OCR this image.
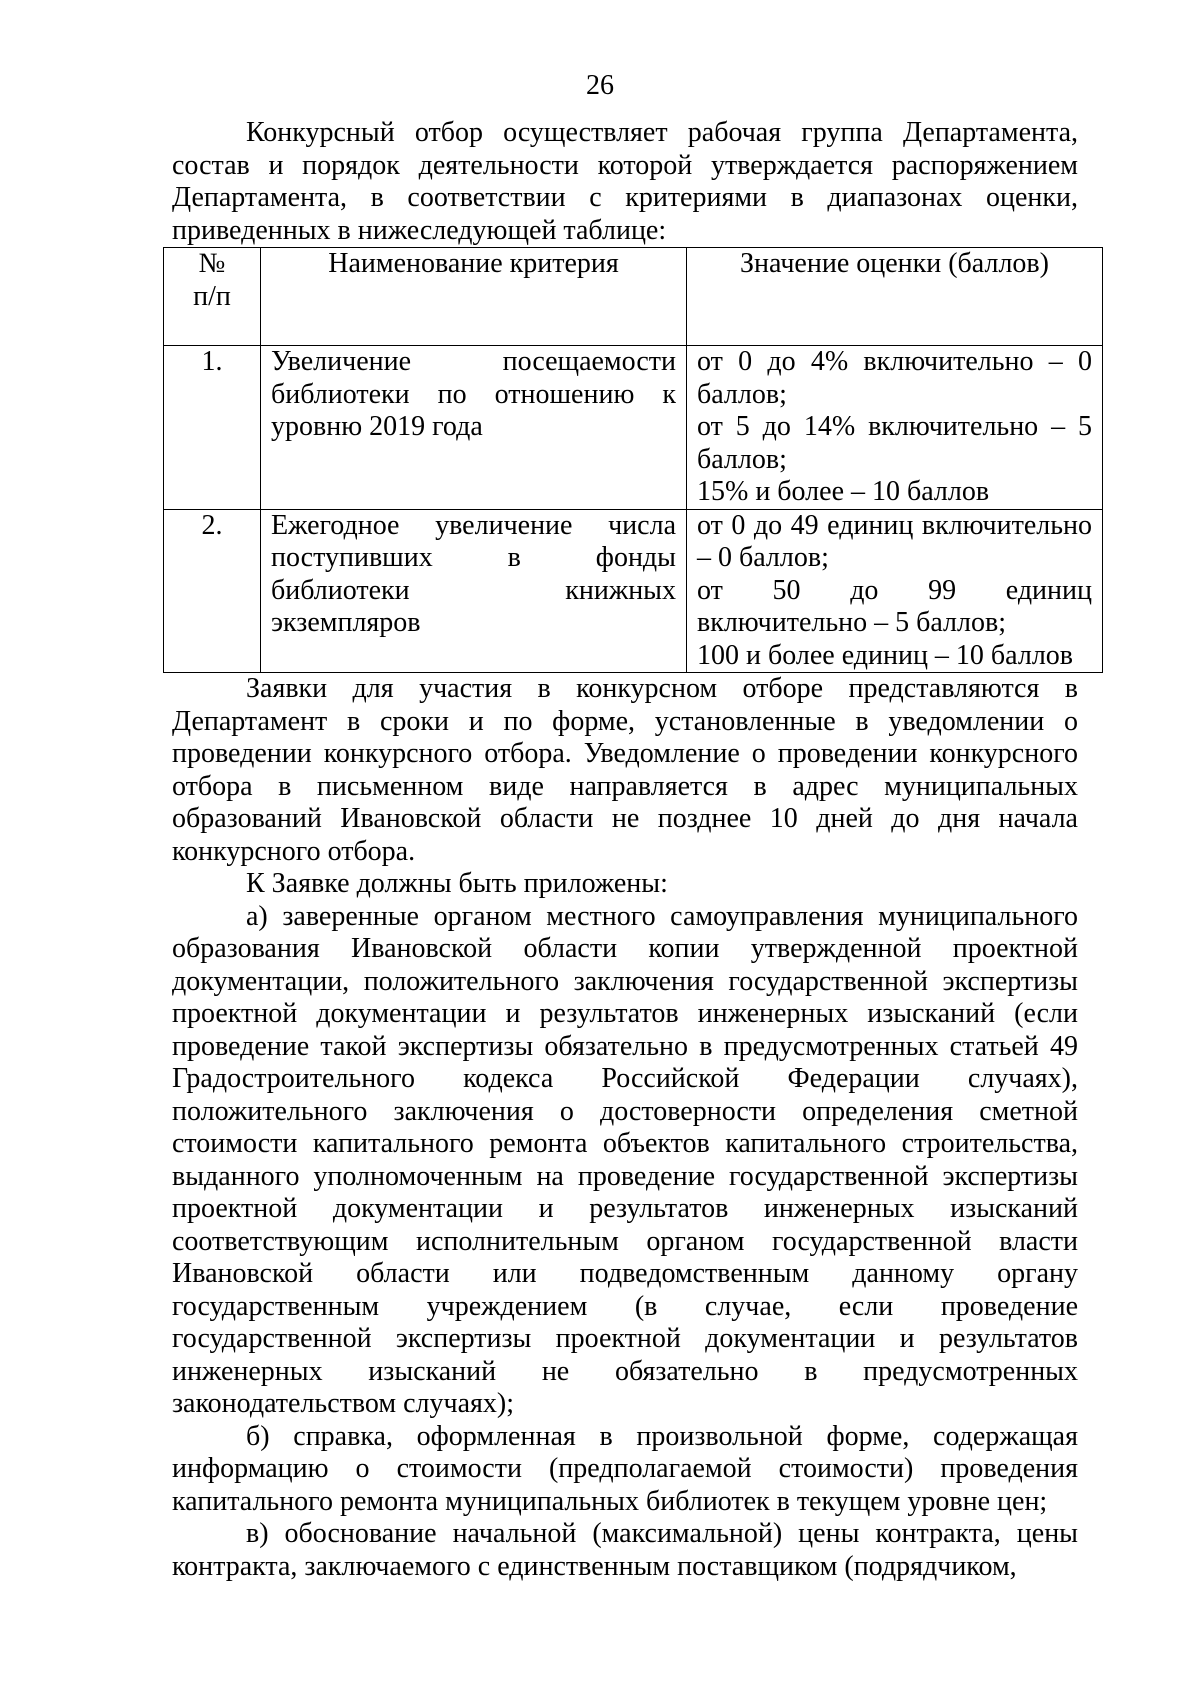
26

Конкурсный отбор осуществляет рабочая группа Департамента, состав и порядок деятельности которой утверждается распоряжением Департамента, в соответствии с критериями в диапазонах оценки, приведенных в нижеследующей таблице:

№
п/п	Наименование критерия	Значение оценки (баллов)
1.	Увеличение посещаемости библиотеки по отношению к уровню 2019 года	от 0 до 4% включительно – 0 баллов;
от 5 до 14% включительно – 5 баллов;
15% и более – 10 баллов

2.	Ежегодное увеличение числа поступивших в фонды библиотеки книжных экземпляров	от 0 до 49 единиц включительно – 0 баллов;
от 50 до 99 единиц включительно – 5 баллов;
100 и более единиц – 10 баллов

Заявки для участия в конкурсном отборе представляются в Департамент в сроки и по форме, установленные в уведомлении о проведении конкурсного отбора. Уведомление о проведении конкурсного отбора в письменном виде направляется в адрес муниципальных образований Ивановской области не позднее 10 дней до дня начала конкурсного отбора.

К Заявке должны быть приложены:

а) заверенные органом местного самоуправления муниципального образования Ивановской области копии утвержденной проектной документации, положительного заключения государственной экспертизы проектной документации и результатов инженерных изысканий (если проведение такой экспертизы обязательно в предусмотренных статьей 49 Градостроительного кодекса Российской Федерации случаях), положительного заключения о достоверности определения сметной стоимости капитального ремонта объектов капитального строительства, выданного уполномоченным на проведение государственной экспертизы проектной документации и результатов инженерных изысканий соответствующим исполнительным органом государственной власти Ивановской области или подведомственным данному органу государственным учреждением (в случае, если проведение государственной экспертизы проектной документации и результатов инженерных изысканий не обязательно в предусмотренных законодательством случаях);

б) справка, оформленная в произвольной форме, содержащая информацию о стоимости (предполагаемой стоимости) проведения капитального ремонта муниципальных библиотек в текущем уровне цен;

в) обоснование начальной (максимальной) цены контракта, цены контракта, заключаемого с единственным поставщиком (подрядчиком,
